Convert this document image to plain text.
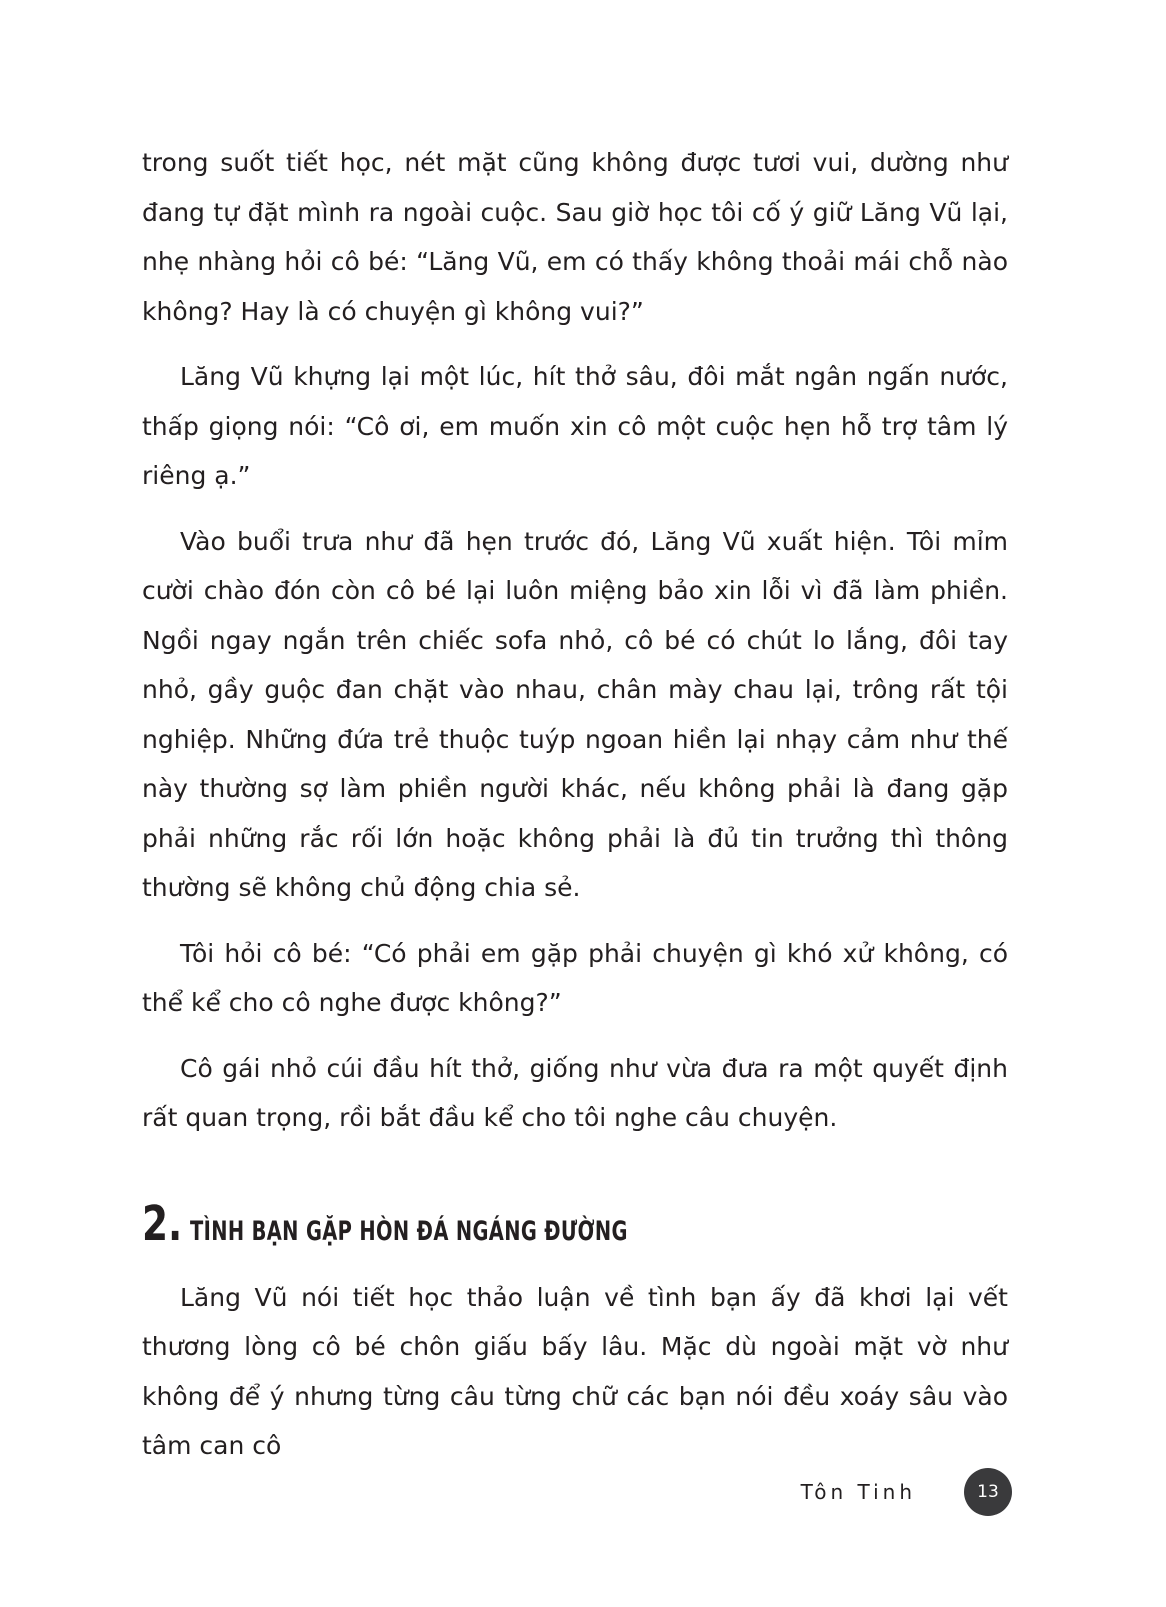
trong suốt tiết học, nét mặt cũng không được tươi vui, dường như đang tự đặt mình ra ngoài cuộc. Sau giờ học tôi cố ý giữ Lăng Vũ lại, nhẹ nhàng hỏi cô bé: “Lăng Vũ, em có thấy không thoải mái chỗ nào không? Hay là có chuyện gì không vui?”

Lăng Vũ khựng lại một lúc, hít thở sâu, đôi mắt ngân ngấn nước, thấp giọng nói: “Cô ơi, em muốn xin cô một cuộc hẹn hỗ trợ tâm lý riêng ạ.”

Vào buổi trưa như đã hẹn trước đó, Lăng Vũ xuất hiện. Tôi mỉm cười chào đón còn cô bé lại luôn miệng bảo xin lỗi vì đã làm phiền. Ngồi ngay ngắn trên chiếc sofa nhỏ, cô bé có chút lo lắng, đôi tay nhỏ, gầy guộc đan chặt vào nhau, chân mày chau lại, trông rất tội nghiệp. Những đứa trẻ thuộc tuýp ngoan hiền lại nhạy cảm như thế này thường sợ làm phiền người khác, nếu không phải là đang gặp phải những rắc rối lớn hoặc không phải là đủ tin trưởng thì thông thường sẽ không chủ động chia sẻ.

Tôi hỏi cô bé: “Có phải em gặp phải chuyện gì khó xử không, có thể kể cho cô nghe được không?”

Cô gái nhỏ cúi đầu hít thở, giống như vừa đưa ra một quyết định rất quan trọng, rồi bắt đầu kể cho tôi nghe câu chuyện.

2. TÌNH BẠN GẶP HÒN ĐÁ NGÁNG ĐƯỜNG

Lăng Vũ nói tiết học thảo luận về tình bạn ấy đã khơi lại vết thương lòng cô bé chôn giấu bấy lâu. Mặc dù ngoài mặt vờ như không để ý nhưng từng câu từng chữ các bạn nói đều xoáy sâu vào tâm can cô

Tôn Tinh	13
